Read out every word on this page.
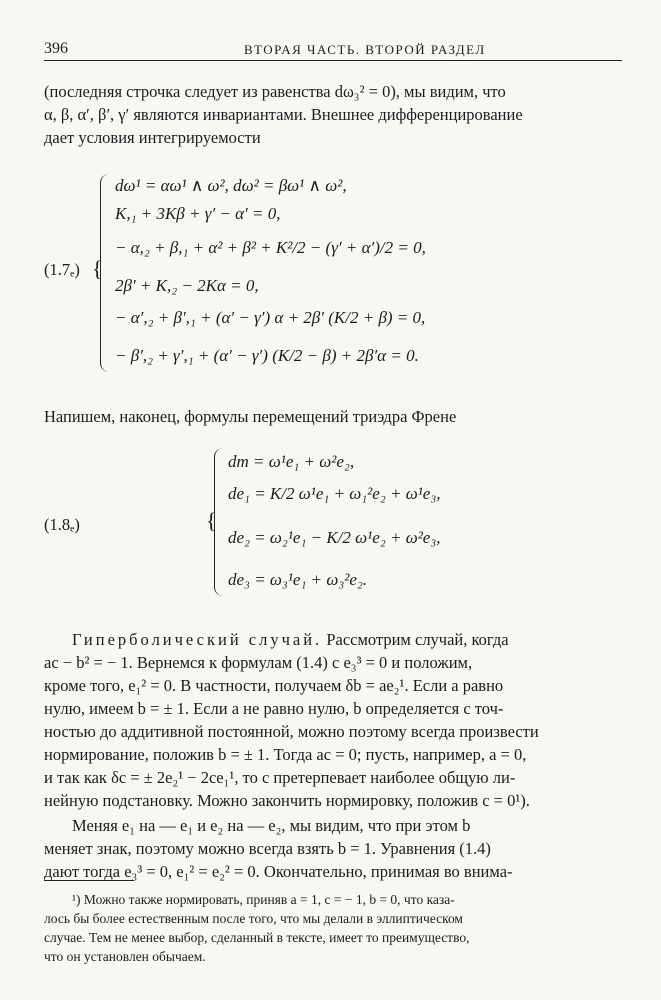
396	ВТОРАЯ ЧАСТЬ. ВТОРОЙ РАЗДЕЛ
(последняя строчка следует из равенства dω₃² = 0), мы видим, что
α, β, α′, β′, γ′ являются инвариантами. Внешнее дифференцирование
дает условия интегрируемости
(1.7ₑ) {
dω¹ = αω¹ ∧ ω², dω² = βω¹ ∧ ω²,
K,₁ + 3Kβ + γ′ − α′ = 0,
− α,₂ + β,₁ + α² + β² + K²/2 − (γ′ + α′)/2 = 0,
2β′ + K,₂ − 2Kα = 0,
− α′,₂ + β′,₁ + (α′ − γ′) α + 2β′ (K/2 + β) = 0,
− β′,₂ + γ′,₁ + (α′ − γ′) (K/2 − β) + 2β′α = 0.
Напишем, наконец, формулы перемещений триэдра Френе
(1.8ₑ)	{
dm = ω¹e₁ + ω²e₂,
de₁ = K/2 ω¹e₁ + ω₁²e₂ + ω¹e₃,
de₂ = ω₂¹e₁ − K/2 ω¹e₂ + ω²e₃,
de₃ = ω₃¹e₁ + ω₃²e₂.
Гиперболический случай. Рассмотрим случай, когда
ac − b² = − 1. Вернемся к формулам (1.4) с e₃³ = 0 и положим,
кроме того, e₁² = 0. В частности, получаем δb = ae₂¹. Если a равно
нулю, имеем b = ± 1. Если a не равно нулю, b определяется с точ-
ностью до аддитивной постоянной, можно поэтому всегда произвести
нормирование, положив b = ± 1. Тогда ac = 0; пусть, например, a = 0,
и так как δc = ± 2e₂¹ − 2ce₁¹, то c претерпевает наиболее общую ли-
нейную подстановку. Можно закончить нормировку, положив c = 0¹).
Меняя e₁ на — e₁ и e₂ на — e₂, мы видим, что при этом b
меняет знак, поэтому можно всегда взять b = 1. Уравнения (1.4)
дают тогда e₃³ = 0, e₁² = e₂² = 0. Окончательно, принимая во внима-
¹) Можно также нормировать, приняв a = 1, c = − 1, b = 0, что каза-
лось бы более естественным после того, что мы делали в эллиптическом
случае. Тем не менее выбор, сделанный в тексте, имеет то преимущество,
что он установлен обычаем.
